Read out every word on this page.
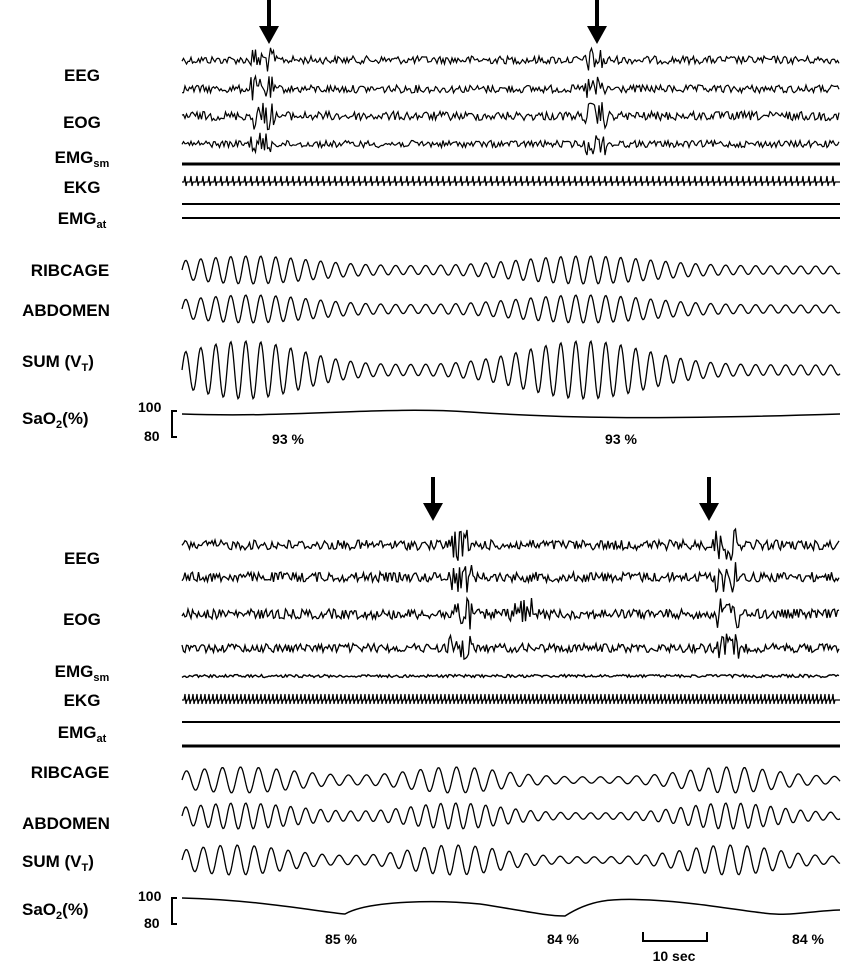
EEG
EOG
$EMG_{sm}$
EKG
$EMG_{at}$
RIBCAGE
ABDOMEN
SUM $(V_T)$
SaO$_2$(%)
100
80	93 %	93 %
EEG
EOG
$EMG_{sm}$
EKG
$EMG_{at}$
RIBCAGE
ABDOMEN
SUM $(V_T)$
SaO$_2$(%)
100
80
85 %	84 %	84 %
10 sec
